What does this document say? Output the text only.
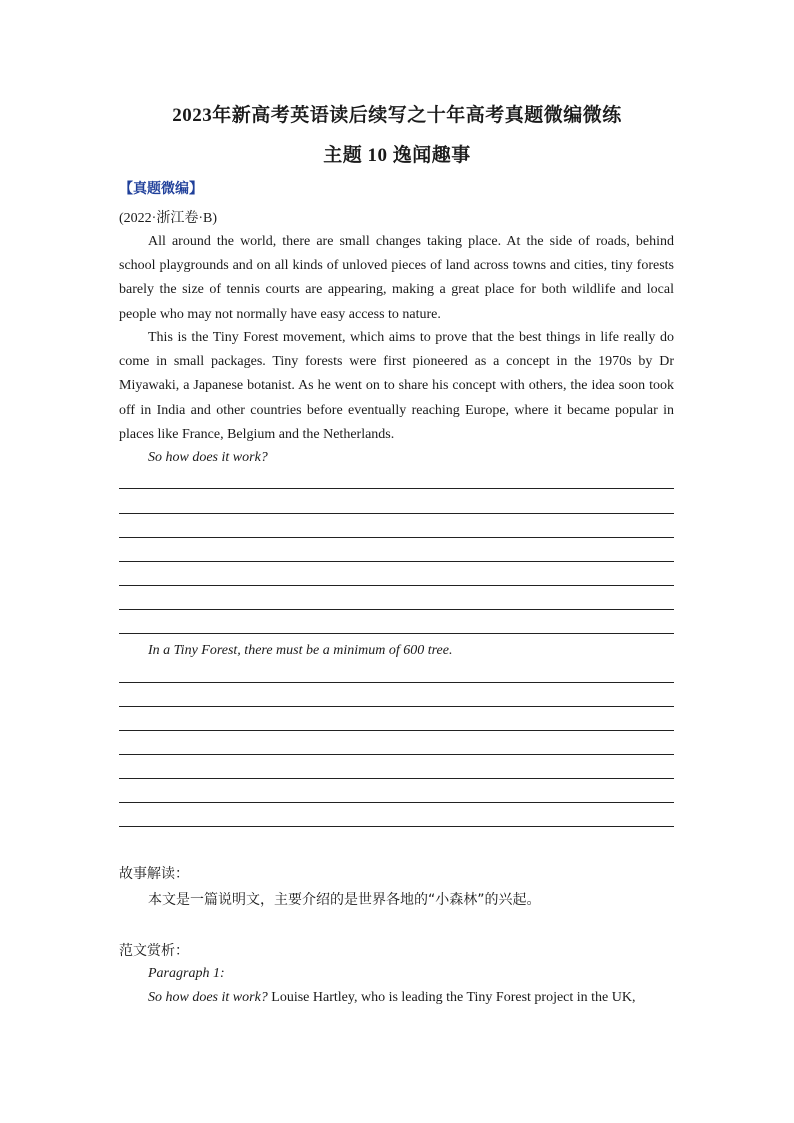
2023年新高考英语读后续写之十年高考真题微编微练
主题 10 逸闻趣事
【真题微编】
(2022·浙江卷·B)
All around the world, there are small changes taking place. At the side of roads, behind school playgrounds and on all kinds of unloved pieces of land across towns and cities, tiny forests barely the size of tennis courts are appearing, making a great place for both wildlife and local people who may not normally have easy access to nature.
This is the Tiny Forest movement, which aims to prove that the best things in life really do come in small packages. Tiny forests were first pioneered as a concept in the 1970s by Dr Miyawaki, a Japanese botanist. As he went on to share his concept with others, the idea soon took off in India and other countries before eventually reaching Europe, where it became popular in places like France, Belgium and the Netherlands.
So how does it work?
In a Tiny Forest, there must be a minimum of 600 tree.
故事解读：
本文是一篇说明文，主要介绍的是世界各地的“小森林”的兴起。
范文赏析：
Paragraph 1:
So how does it work? Louise Hartley, who is leading the Tiny Forest project in the UK,
